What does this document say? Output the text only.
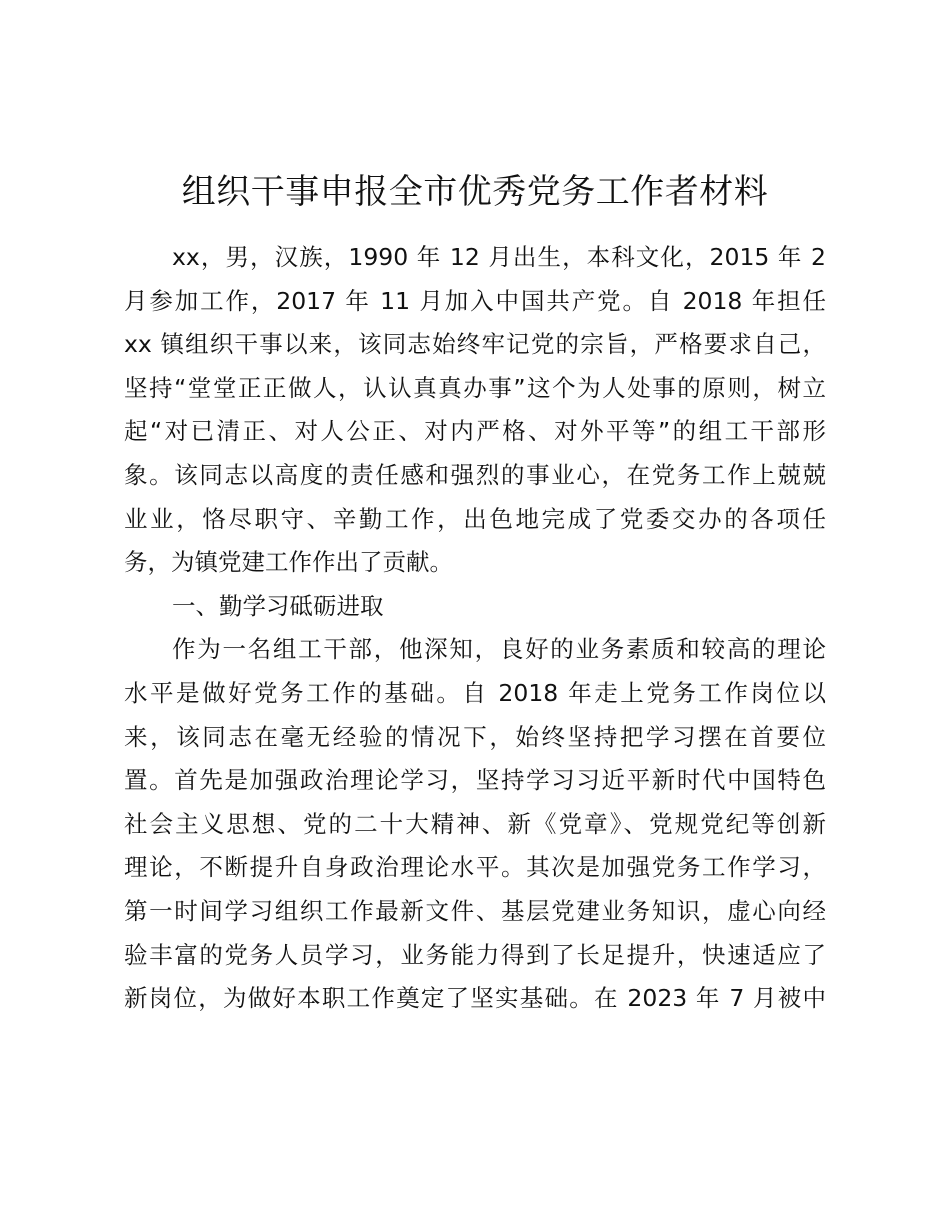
组织干事申报全市优秀党务工作者材料
xx，男，汉族，1990 年 12 月出生，本科文化，2015 年 2
月参加工作，2017 年 11 月加入中国共产党。自 2018 年担任
xx 镇组织干事以来，该同志始终牢记党的宗旨，严格要求自己，
坚持“堂堂正正做人，认认真真办事”这个为人处事的原则，树立
起“对已清正、对人公正、对内严格、对外平等”的组工干部形
象。该同志以高度的责任感和强烈的事业心，在党务工作上兢兢
业业，恪尽职守、辛勤工作，出色地完成了党委交办的各项任
务，为镇党建工作作出了贡献。
一、勤学习砥砺进取
作为一名组工干部，他深知，良好的业务素质和较高的理论
水平是做好党务工作的基础。自 2018 年走上党务工作岗位以
来，该同志在毫无经验的情况下，始终坚持把学习摆在首要位
置。首先是加强政治理论学习，坚持学习习近平新时代中国特色
社会主义思想、党的二十大精神、新《党章》、党规党纪等创新
理论，不断提升自身政治理论水平。其次是加强党务工作学习，
第一时间学习组织工作最新文件、基层党建业务知识，虚心向经
验丰富的党务人员学习，业务能力得到了长足提升，快速适应了
新岗位，为做好本职工作奠定了坚实基础。在 2023 年 7 月被中
